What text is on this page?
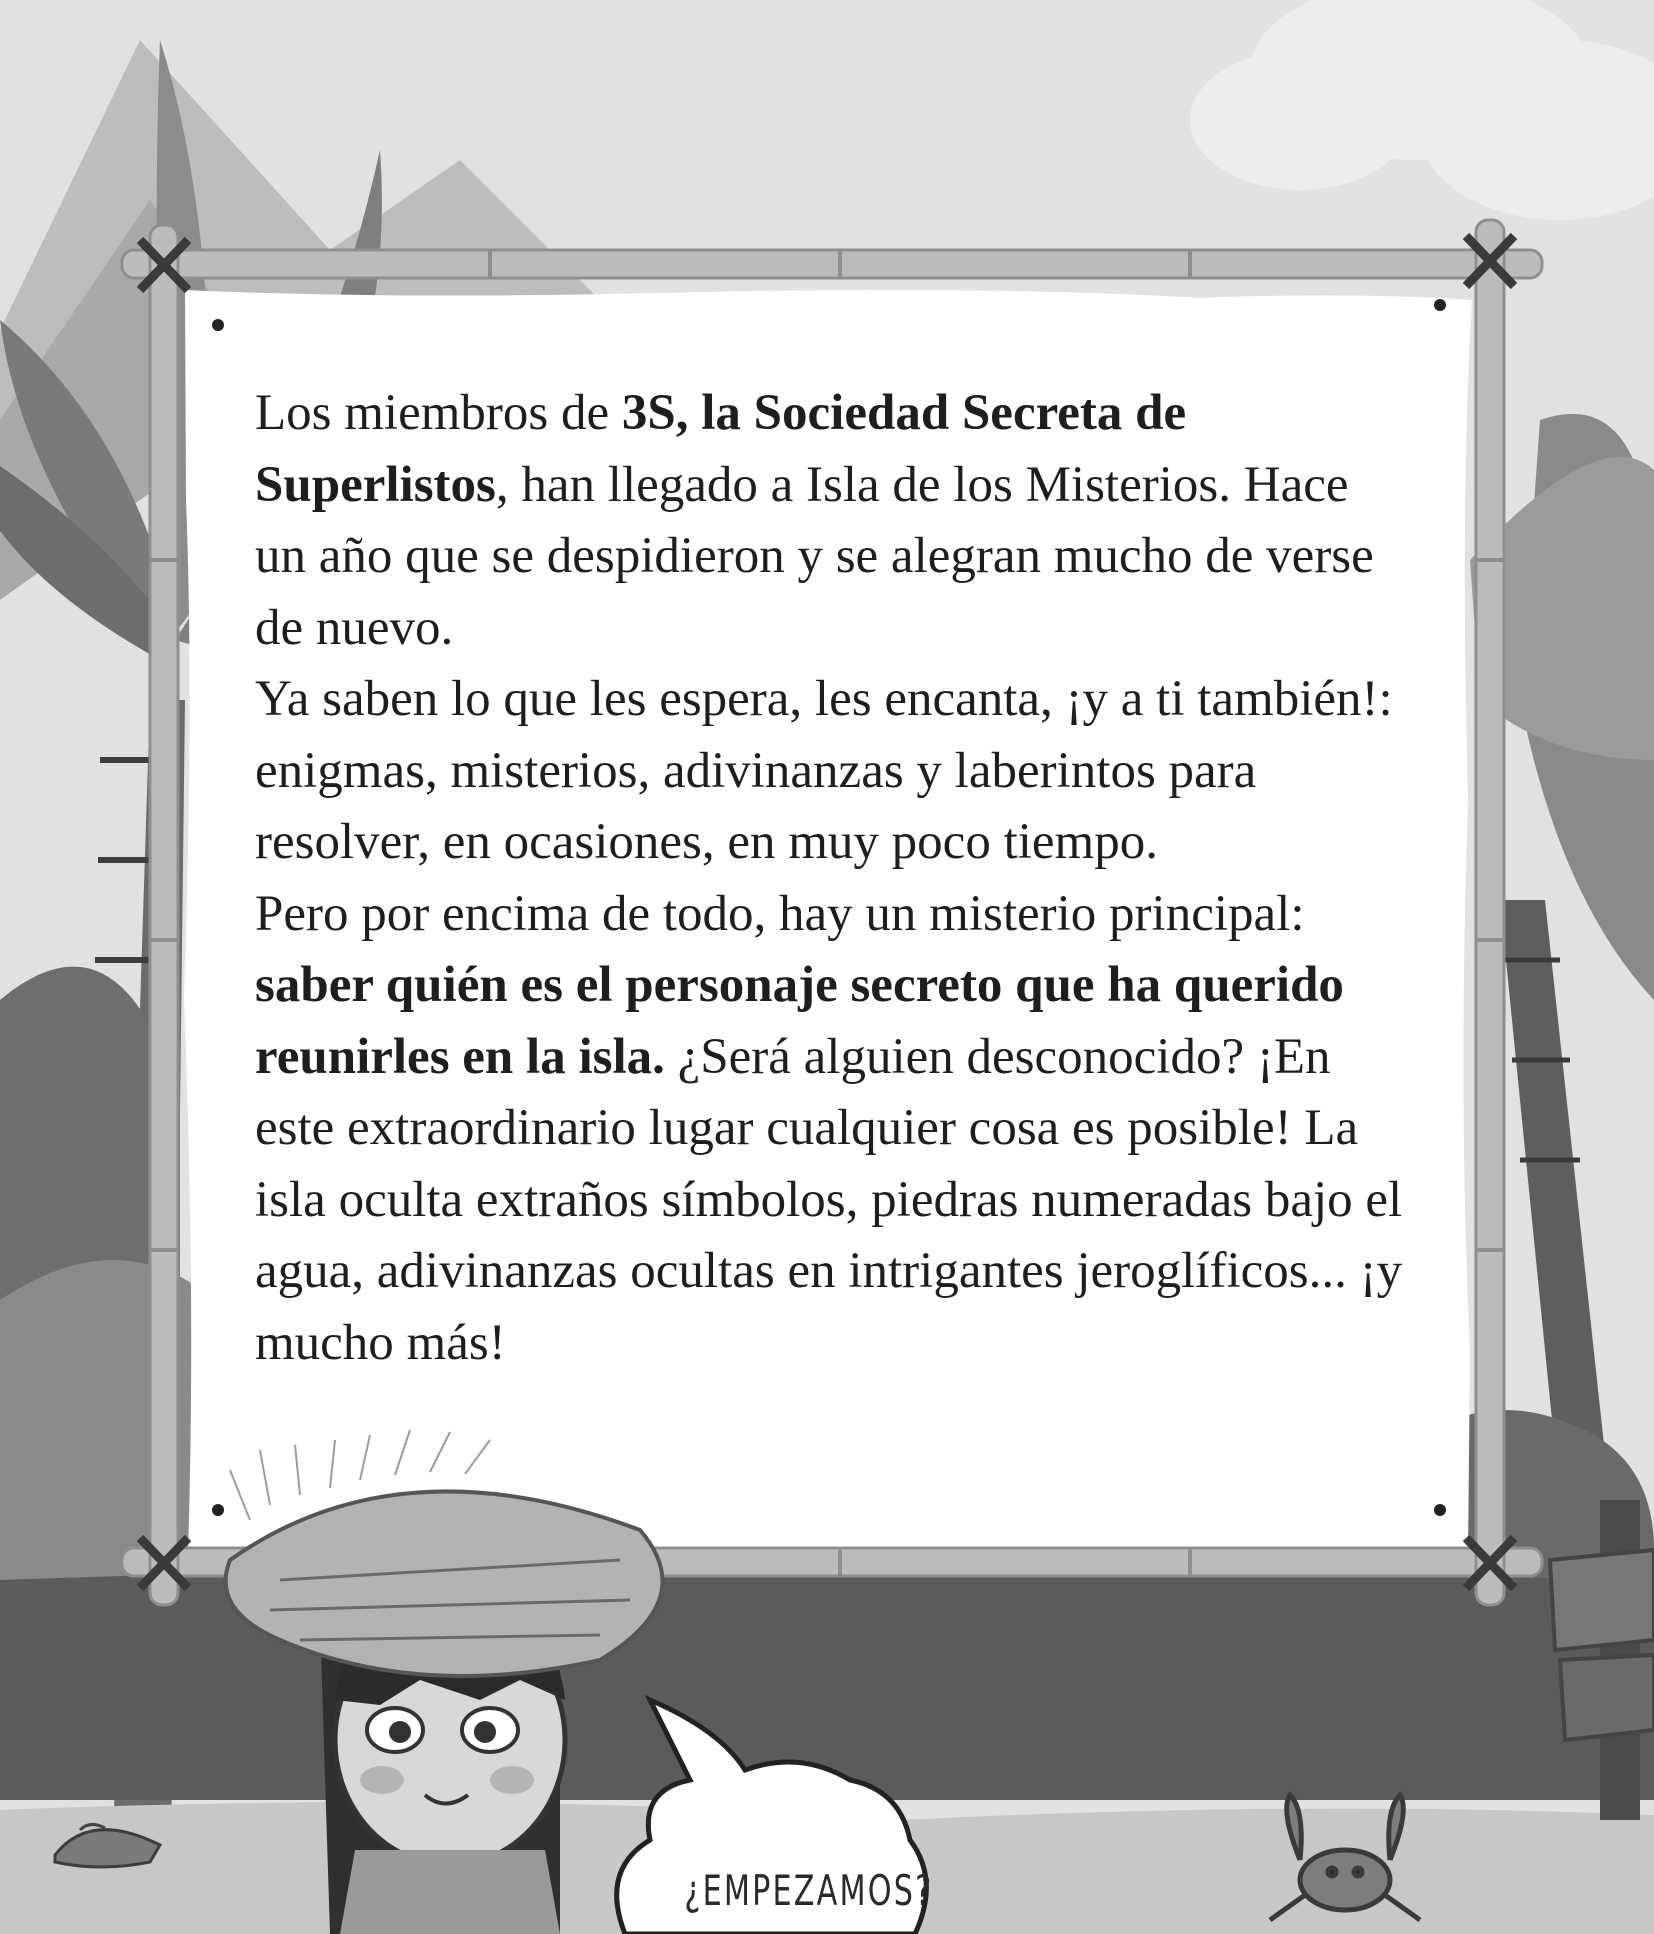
Los miembros de 3S, la Sociedad Secreta de Superlistos, han llegado a Isla de los Misterios. Hace un año que se despidieron y se alegran mucho de verse de nuevo.

Ya saben lo que les espera, les encanta, ¡y a ti también!: enigmas, misterios, adivinanzas y laberintos para resolver, en ocasiones, en muy poco tiempo.

Pero por encima de todo, hay un misterio principal: saber quién es el personaje secreto que ha querido reunirles en la isla. ¿Será alguien desconocido? ¡En este extraordinario lugar cualquier cosa es posible! La isla oculta extraños símbolos, piedras numeradas bajo el agua, adivinanzas ocultas en intrigantes jeroglíficos... ¡y mucho más!

¿EMPEZAMOS?
